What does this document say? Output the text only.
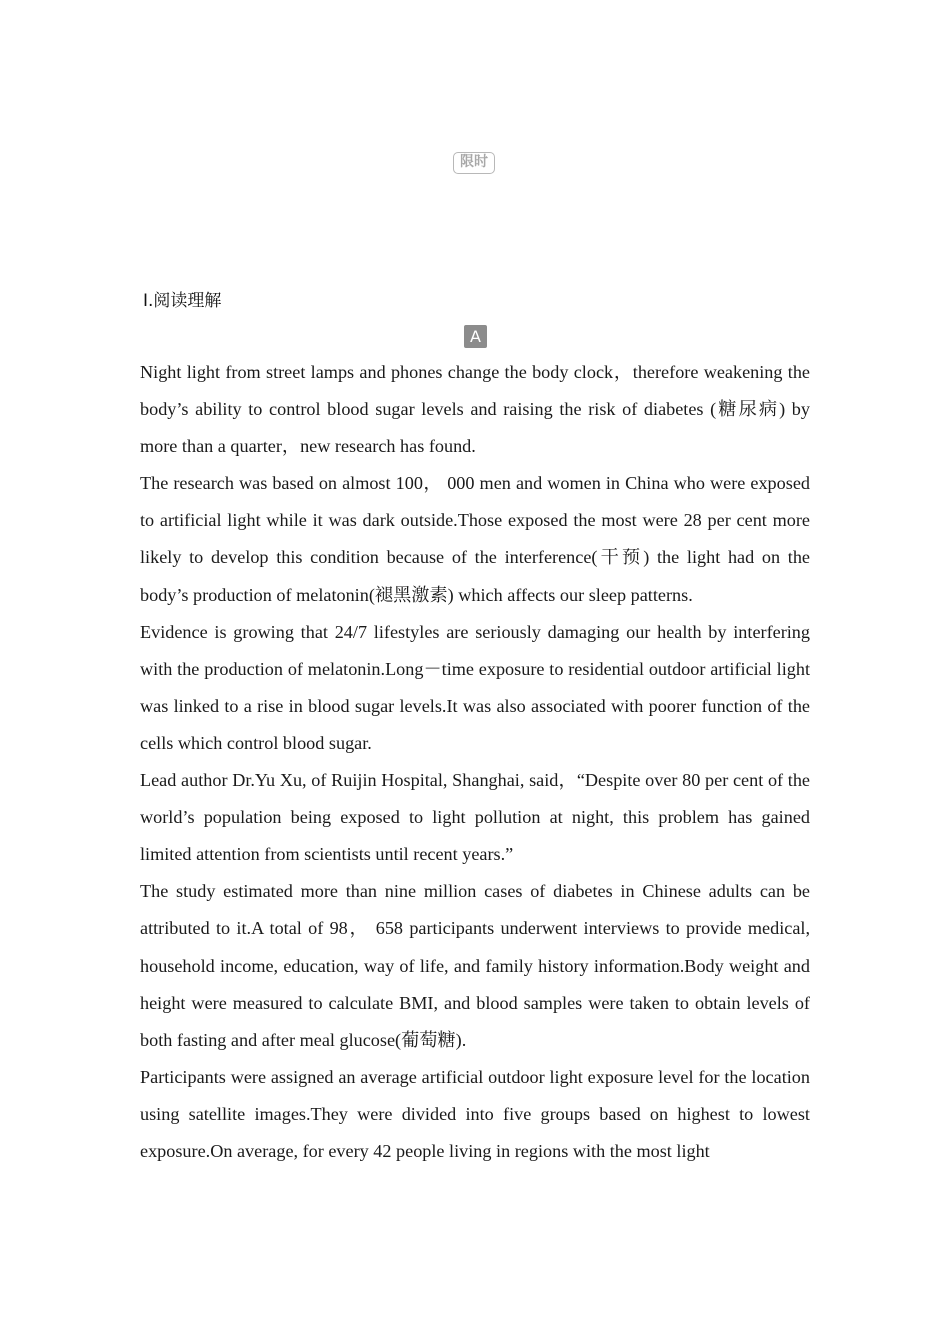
限时
Ⅰ.阅读理解
A

Night light from street lamps and phones change the body clock，therefore weakening the body’s ability to control blood sugar levels and raising the risk of diabetes (糖尿病) by more than a quarter，new research has found.

The research was based on almost 100， 000 men and women in China who were exposed to artificial light while it was dark outside.Those exposed the most were 28 per cent more likely to develop this condition because of the interference(干预) the light had on the body’s production of melatonin(褪黑激素) which affects our sleep patterns.

Evidence is growing that 24/7 lifestyles are seriously damaging our health by interfering with the production of melatonin.Long－time exposure to residential outdoor artificial light was linked to a rise in blood sugar levels.It was also associated with poorer function of the cells which control blood sugar.

Lead author Dr.Yu Xu, of Ruijin Hospital, Shanghai, said，“Despite over 80 per cent of the world’s population being exposed to light pollution at night, this problem has gained limited attention from scientists until recent years.”

The study estimated more than nine million cases of diabetes in Chinese adults can be attributed to it.A total of 98， 658 participants underwent interviews to provide medical, household income, education, way of life, and family history information.Body weight and height were measured to calculate BMI, and blood samples were taken to obtain levels of both fasting and after meal glucose(葡萄糖).

Participants were assigned an average artificial outdoor light exposure level for the location using satellite images.They were divided into five groups based on highest to lowest exposure.On average, for every 42 people living in regions with the most light
